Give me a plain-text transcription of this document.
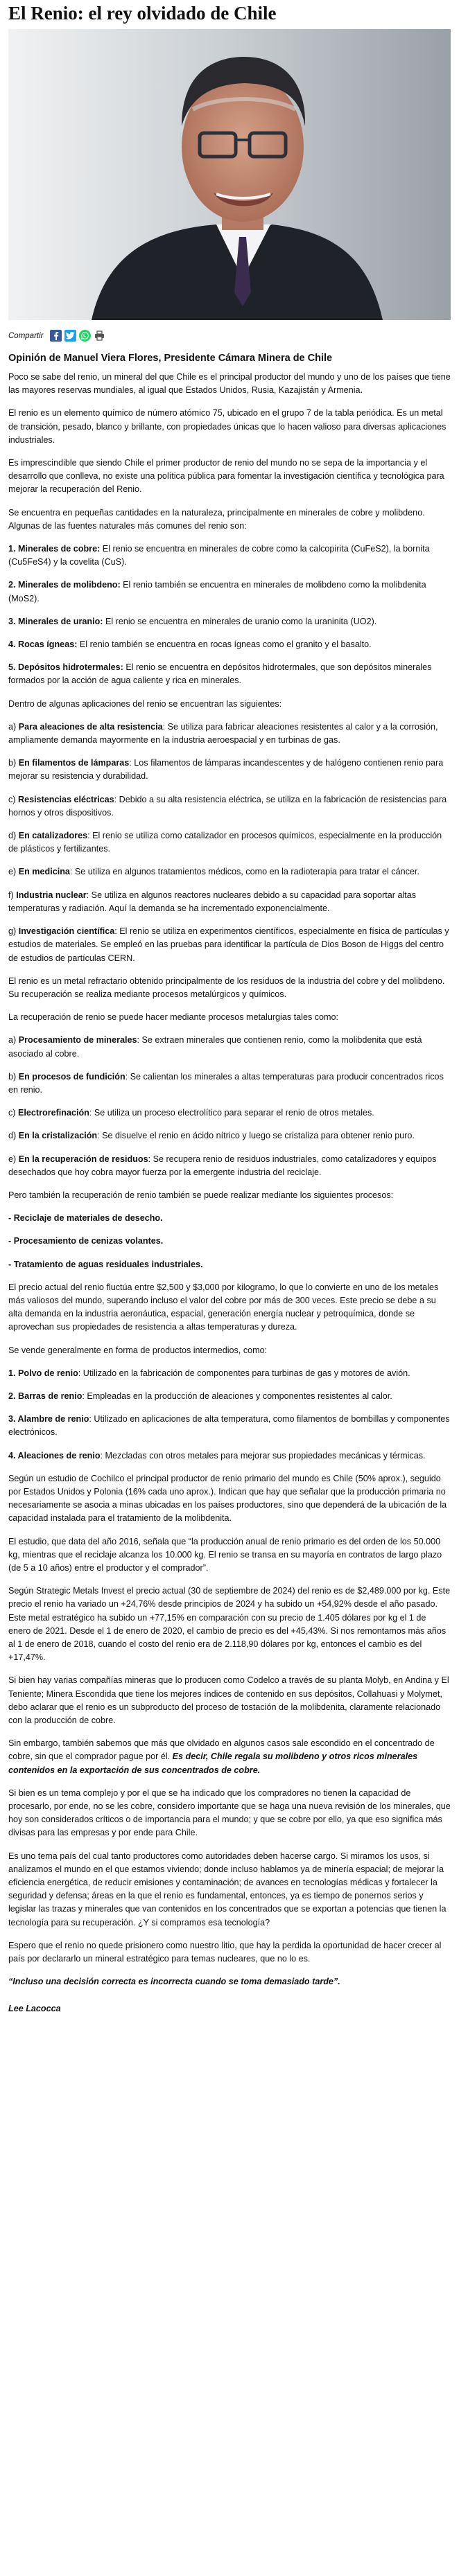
El Renio: el rey olvidado de Chile
Compartir
Opinión de Manuel Viera Flores, Presidente Cámara Minera de Chile

Poco se sabe del renio, un mineral del que Chile es el principal productor del mundo y uno de los países que tiene las mayores reservas mundiales, al igual que Estados Unidos, Rusia, Kazajistán y Armenia.

El renio es un elemento químico de número atómico 75, ubicado en el grupo 7 de la tabla periódica. Es un metal de transición, pesado, blanco y brillante, con propiedades únicas que lo hacen valioso para diversas aplicaciones industriales.

Es imprescindible que siendo Chile el primer productor de renio del mundo no se sepa de la importancia y el desarrollo que conlleva, no existe una política pública para fomentar la investigación científica y tecnológica para mejorar la recuperación del Renio.

Se encuentra en pequeñas cantidades en la naturaleza, principalmente en minerales de cobre y molibdeno. Algunas de las fuentes naturales más comunes del renio son:

1. Minerales de cobre: El renio se encuentra en minerales de cobre como la calcopirita (CuFeS2), la bornita (Cu5FeS4) y la covelita (CuS).

2. Minerales de molibdeno: El renio también se encuentra en minerales de molibdeno como la molibdenita (MoS2).

3. Minerales de uranio: El renio se encuentra en minerales de uranio como la uraninita (UO2).

4. Rocas ígneas: El renio también se encuentra en rocas ígneas como el granito y el basalto.

5. Depósitos hidrotermales: El renio se encuentra en depósitos hidrotermales, que son depósitos minerales formados por la acción de agua caliente y rica en minerales.

Dentro de algunas aplicaciones del renio se encuentran las siguientes:

a) Para aleaciones de alta resistencia: Se utiliza para fabricar aleaciones resistentes al calor y a la corrosión, ampliamente demanda mayormente en la industria aeroespacial y en turbinas de gas.

b) En filamentos de lámparas: Los filamentos de lámparas incandescentes y de halógeno contienen renio para mejorar su resistencia y durabilidad.

c) Resistencias eléctricas: Debido a su alta resistencia eléctrica, se utiliza en la fabricación de resistencias para hornos y otros dispositivos.

d) En catalizadores: El renio se utiliza como catalizador en procesos químicos, especialmente en la producción de plásticos y fertilizantes.

e) En medicina: Se utiliza en algunos tratamientos médicos, como en la radioterapia para tratar el cáncer.

f) Industria nuclear: Se utiliza en algunos reactores nucleares debido a su capacidad para soportar altas temperaturas y radiación. Aquí la demanda se ha incrementado exponencialmente.

g) Investigación científica: El renio se utiliza en experimentos científicos, especialmente en física de partículas y estudios de materiales. Se empleó en las pruebas para identificar la partícula de Dios Boson de Higgs del centro de estudios de partículas CERN.

El renio es un metal refractario obtenido principalmente de los residuos de la industria del cobre y del molibdeno. Su recuperación se realiza mediante procesos metalúrgicos y químicos.

La recuperación de renio se puede hacer mediante procesos metalurgias tales como:

a) Procesamiento de minerales: Se extraen minerales que contienen renio, como la molibdenita que está asociado al cobre.

b) En procesos de fundición: Se calientan los minerales a altas temperaturas para producir concentrados ricos en renio.

c) Electrorefinación: Se utiliza un proceso electrolítico para separar el renio de otros metales.

d) En la cristalización: Se disuelve el renio en ácido nítrico y luego se cristaliza para obtener renio puro.

e) En la recuperación de residuos: Se recupera renio de residuos industriales, como catalizadores y equipos desechados que hoy cobra mayor fuerza por la emergente industria del reciclaje.

Pero también la recuperación de renio también se puede realizar mediante los siguientes procesos:

- Reciclaje de materiales de desecho.

- Procesamiento de cenizas volantes.

- Tratamiento de aguas residuales industriales.

El precio actual del renio fluctúa entre $2,500 y $3,000 por kilogramo, lo que lo convierte en uno de los metales más valiosos del mundo, superando incluso el valor del cobre por más de 300 veces. Este precio se debe a su alta demanda en la industria aeronáutica, espacial, generación energía nuclear y petroquímica, donde se aprovechan sus propiedades de resistencia a altas temperaturas y dureza.

Se vende generalmente en forma de productos intermedios, como:

1. Polvo de renio: Utilizado en la fabricación de componentes para turbinas de gas y motores de avión.

2. Barras de renio: Empleadas en la producción de aleaciones y componentes resistentes al calor.

3. Alambre de renio: Utilizado en aplicaciones de alta temperatura, como filamentos de bombillas y componentes electrónicos.

4. Aleaciones de renio: Mezcladas con otros metales para mejorar sus propiedades mecánicas y térmicas.

Según un estudio de Cochilco el principal productor de renio primario del mundo es Chile (50% aprox.), seguido por Estados Unidos y Polonia (16% cada uno aprox.). Indican que hay que señalar que la producción primaria no necesariamente se asocia a minas ubicadas en los países productores, sino que dependerá de la ubicación de la capacidad instalada para el tratamiento de la molibdenita.

El estudio, que data del año 2016, señala que “la producción anual de renio primario es del orden de los 50.000 kg, mientras que el reciclaje alcanza los 10.000 kg. El renio se transa en su mayoría en contratos de largo plazo (de 5 a 10 años) entre el productor y el comprador”.

Según Strategic Metals Invest el precio actual (30 de septiembre de 2024) del renio es de $2,489.000 por kg. Este precio el renio ha variado un +24,76% desde principios de 2024 y ha subido un +54,92% desde el año pasado. Este metal estratégico ha subido un +77,15% en comparación con su precio de 1.405 dólares por kg el 1 de enero de 2021. Desde el 1 de enero de 2020, el cambio de precio es del +45,43%. Si nos remontamos más años al 1 de enero de 2018, cuando el costo del renio era de 2.118,90 dólares por kg, entonces el cambio es del +17,47%.

Si bien hay varias compañías mineras que lo producen como Codelco a través de su planta Molyb, en Andina y El Teniente; Minera Escondida que tiene los mejores índices de contenido en sus depósitos, Collahuasi y Molymet, debo aclarar que el renio es un subproducto del proceso de tostación de la molibdenita, claramente relacionado con la producción de cobre.

Sin embargo, también sabemos que más que olvidado en algunos casos sale escondido en el concentrado de cobre, sin que el comprador pague por él. Es decir, Chile regala su molibdeno y otros ricos minerales contenidos en la exportación de sus concentrados de cobre.

Si bien es un tema complejo y por el que se ha indicado que los compradores no tienen la capacidad de procesarlo, por ende, no se les cobre, considero importante que se haga una nueva revisión de los minerales, que hoy son considerados críticos o de importancia para el mundo; y que se cobre por ello, ya que eso significa más divisas para las empresas y por ende para Chile.

Es uno tema país del cual tanto productores como autoridades deben hacerse cargo. Si miramos los usos, si analizamos el mundo en el que estamos viviendo; donde incluso hablamos ya de minería espacial; de mejorar la eficiencia energética, de reducir emisiones y contaminación; de avances en tecnologías médicas y fortalecer la seguridad y defensa; áreas en la que el renio es fundamental, entonces, ya es tiempo de ponernos serios y legislar las trazas y minerales que van contenidos en los concentrados que se exportan a potencias que tienen la tecnología para su recuperación. ¿Y si compramos esa tecnología?

Espero que el renio no quede prisionero como nuestro litio, que hay la perdida la oportunidad de hacer crecer al país por declararlo un mineral estratégico para temas nucleares, que no lo es.

“Incluso una decisión correcta es incorrecta cuando se toma demasiado tarde”.

Lee Lacocca
